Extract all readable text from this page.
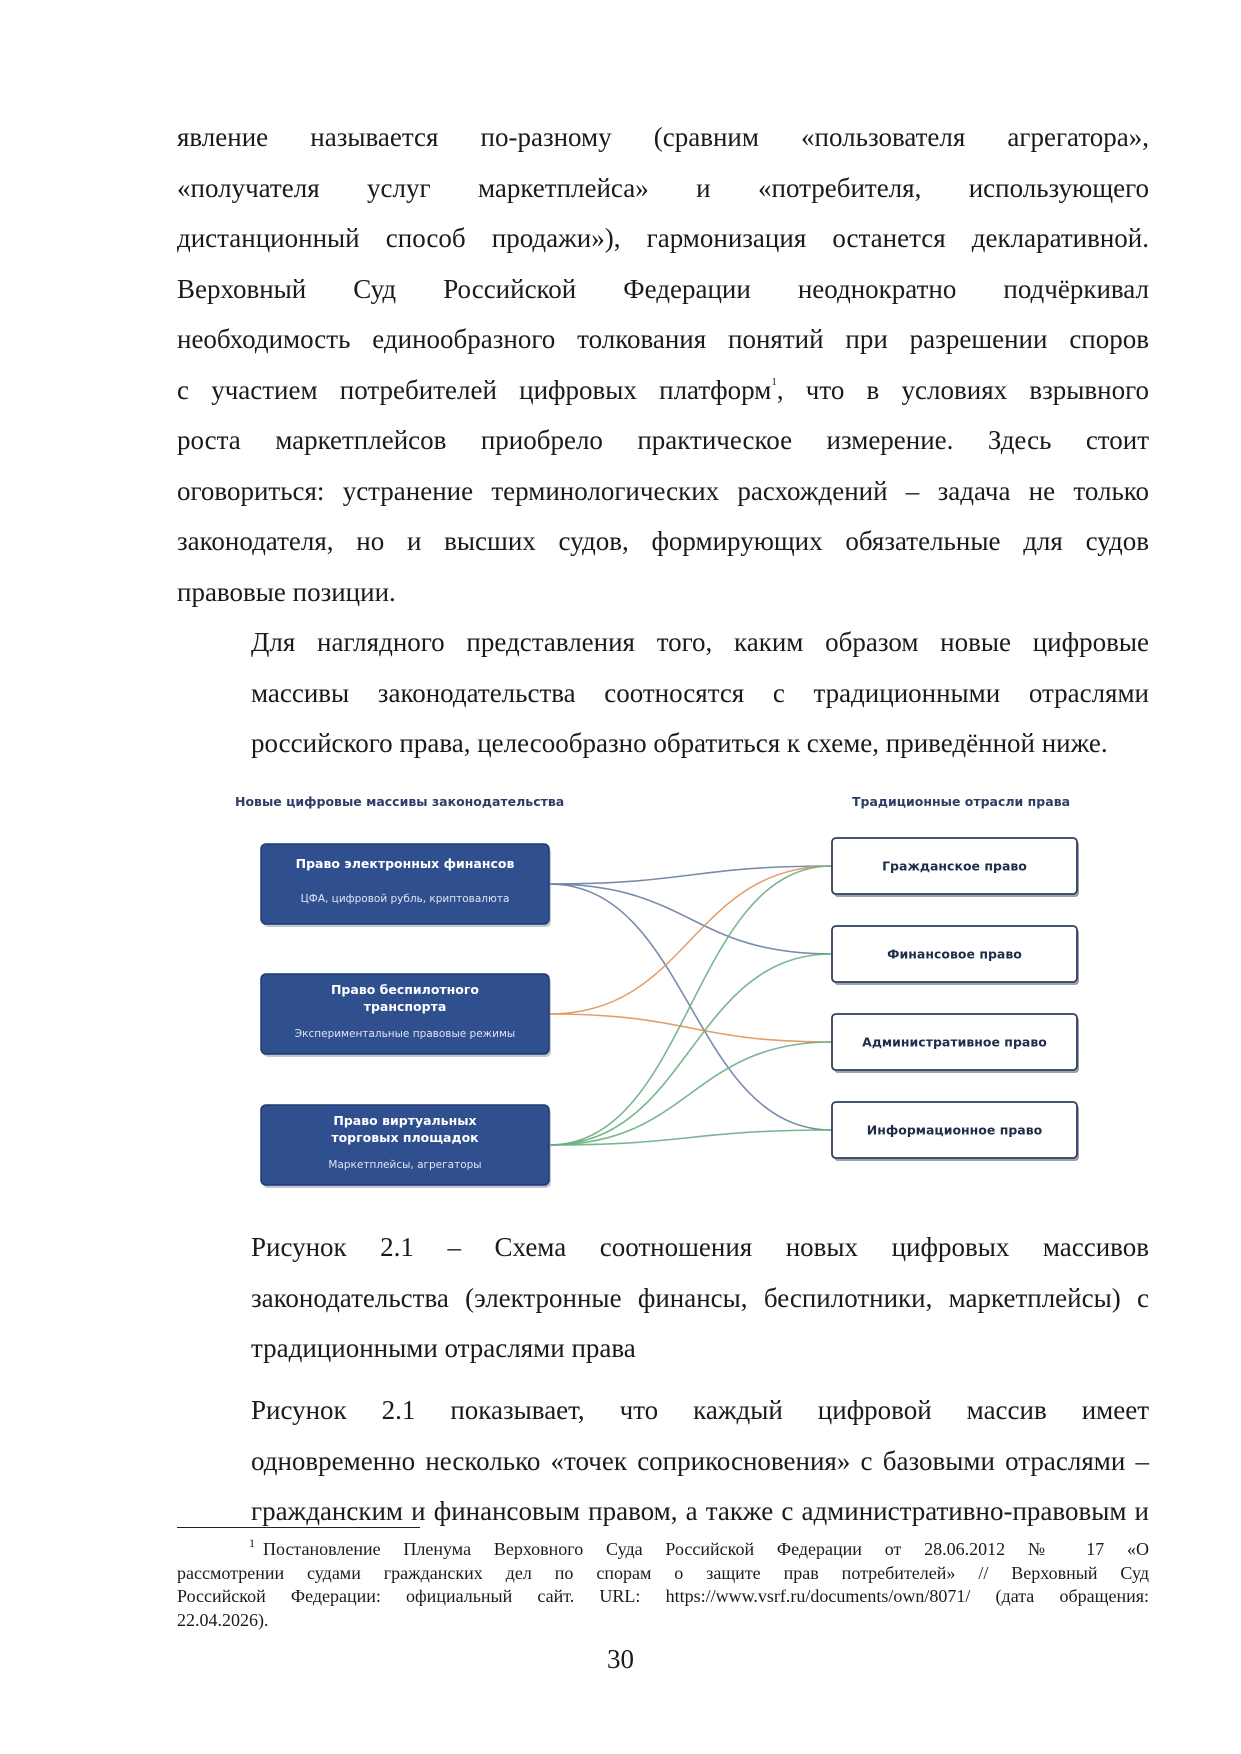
явление называется по-разному (сравним «пользователя агрегатора»,
«получателя услуг маркетплейса» и «потребителя, использующего
дистанционный способ продажи»), гармонизация останется декларативной.
Верховный Суд Российской Федерации неоднократно подчёркивал
необходимость единообразного толкования понятий при разрешении споров
с участием потребителей цифровых платформ$^1$, что в условиях взрывного
роста маркетплейсов приобрело практическое измерение. Здесь стоит
оговориться: устранение терминологических расхождений – задача не только
законодателя, но и высших судов, формирующих обязательные для судов
правовые позиции.
Для наглядного представления того, каким образом новые цифровые
массивы законодательства соотносятся с традиционными отраслями
российского права, целесообразно обратиться к схеме, приведённой ниже.
Новые цифровые массивы законодательства	Традиционные отрасли права
Право электронных финансов
ЦФА, цифровой рубль, криптовалюта
Право беспилотного
транспорта
Экспериментальные правовые режимы
Право виртуальных
торговых площадок
Маркетплейсы, агрегаторы
Гражданское право
Финансовое право
Административное право
Информационное право
Рисунок 2.1 – Схема соотношения новых цифровых массивов
законодательства (электронные финансы, беспилотники, маркетплейсы) с
традиционными отраслями права
Рисунок 2.1 показывает, что каждый цифровой массив имеет
одновременно несколько «точек соприкосновения» с базовыми отраслями –
гражданским и финансовым правом, а также с административно-правовым и
$^1$ Постановление Пленума Верховного Суда Российской Федерации от 28.06.2012 № 17 «О
рассмотрении судами гражданских дел по спорам о защите прав потребителей» // Верховный Суд
Российской Федерации: официальный сайт. URL: https://www.vsrf.ru/documents/own/8071/ (дата обращения:
22.04.2026).
30
